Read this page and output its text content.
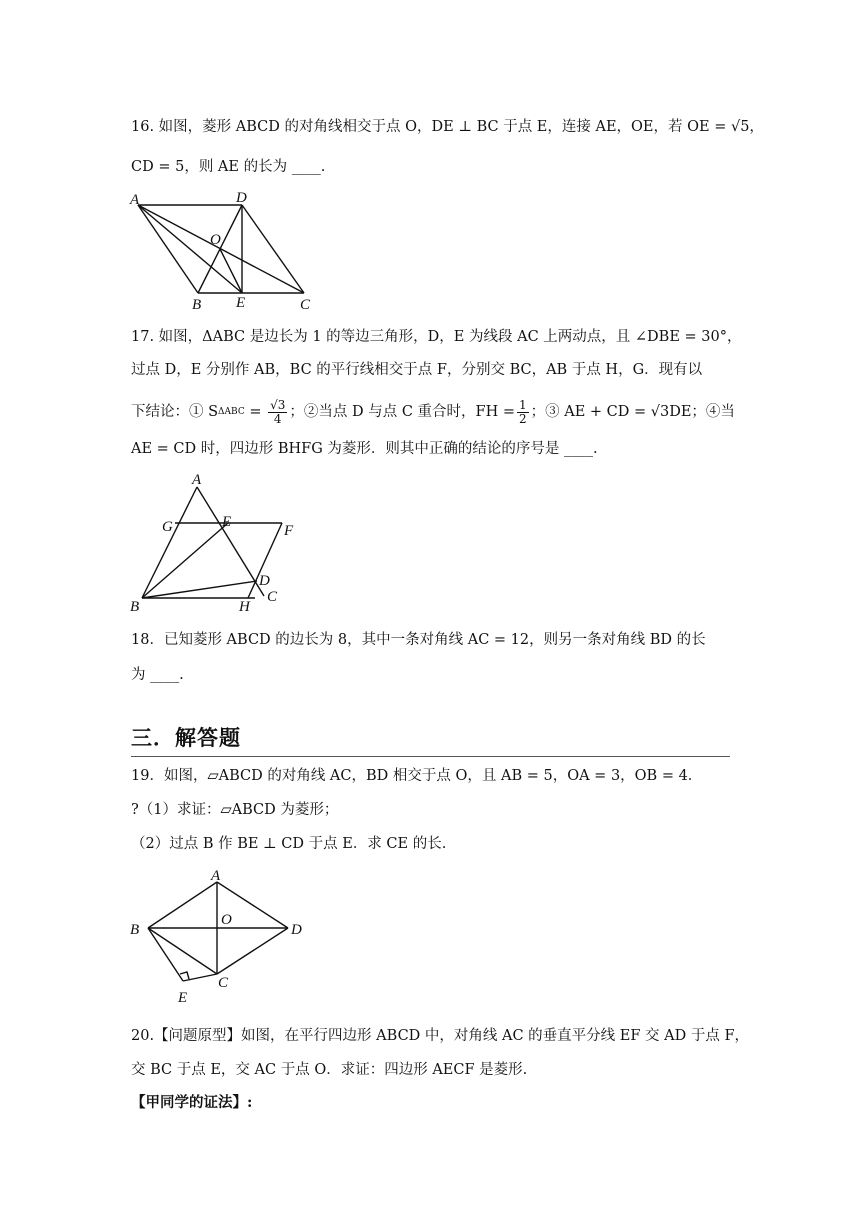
16. 如图，菱形 ABCD 的对角线相交于点 O，DE ⊥ BC 于点 E，连接 AE，OE，若 OE = √5，
CD = 5，则 AE 的长为 ____.
A	D
O
B E	C
17. 如图，ΔABC 是边长为 1 的等边三角形，D，E 为线段 AC 上两动点，且 ∠DBE = 30°，
过点 D，E 分别作 AB，BC 的平行线相交于点 F，分别交 BC，AB 于点 H，G．现有以
下结论：① S $\Delta ABC = \frac{√3}{4}$ ；②当点 D 与点 C 重合时，FH = $\frac{1}{2}$ ；③ AE + CD = √3DE；④当
AE = CD 时，四边形 BHFG 为菱形．则其中正确的结论的序号是 ____.
A
G	E
F
D
C
B	H
18．已知菱形 ABCD 的边长为 8，其中一条对角线 AC = 12，则另一条对角线 BD 的长
为 ____.
三．解答题
19．如图，▱ABCD 的对角线 AC，BD 相交于点 O，且 AB = 5，OA = 3，OB = 4．
?（1）求证：▱ABCD 为菱形；
（2）过点 B 作 BE ⊥ CD 于点 E．求 CE 的长.
A
O
B	D
C
E
20.【问题原型】如图，在平行四边形 ABCD 中，对角线 AC 的垂直平分线 EF 交 AD 于点 F，
交 BC 于点 E，交 AC 于点 O．求证：四边形 AECF 是菱形.
【甲同学的证法】:
